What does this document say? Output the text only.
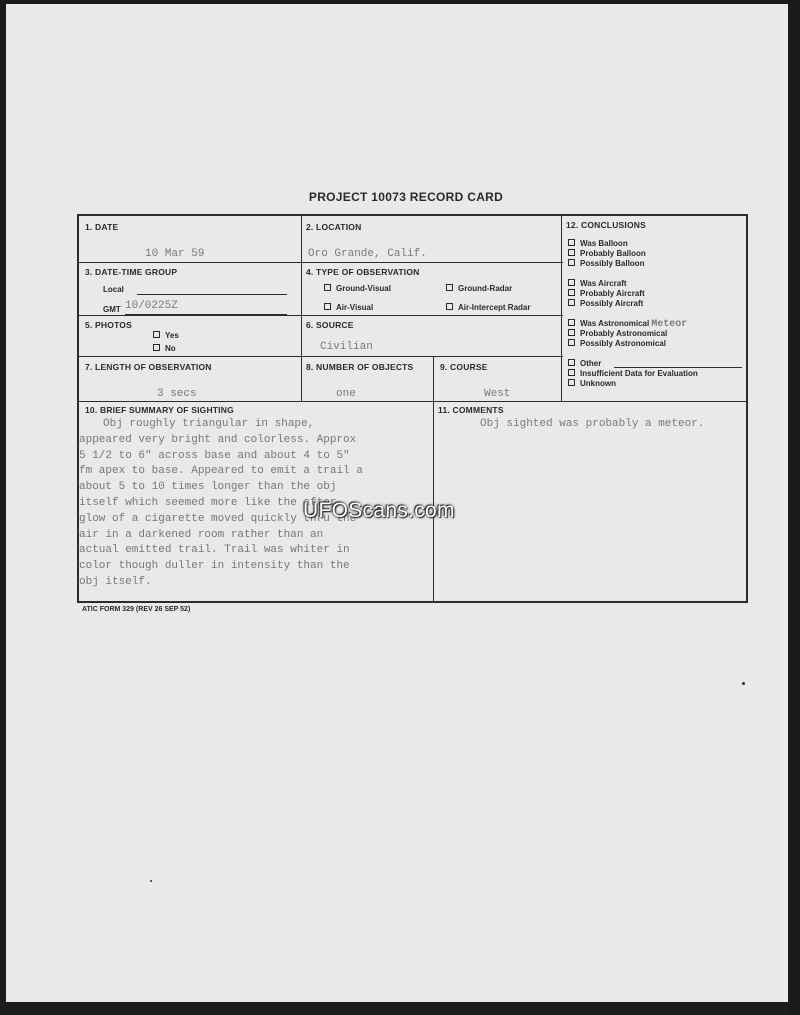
PROJECT 10073 RECORD CARD
1. DATE
10 Mar 59
2. LOCATION
Oro Grande, Calif.
3. DATE-TIME GROUP
Local
GMT 10/0225Z
4. TYPE OF OBSERVATION
Ground-Visual	Ground-Radar
Air-Visual	Air-Intercept Radar
5. PHOTOS
Yes
No
6. SOURCE
Civilian
7. LENGTH OF OBSERVATION
3 secs
8. NUMBER OF OBJECTS
one
9. COURSE
West
12. CONCLUSIONS
Was Balloon
Probably Balloon
Possibly Balloon
Was Aircraft
Probably Aircraft
Possibly Aircraft
Was Astronomical Meteor
Probably Astronomical
Possibly Astronomical
Other
Insufficient Data for Evaluation
Unknown
10. BRIEF SUMMARY OF SIGHTING
Obj roughly triangular in shape,
appeared very bright and colorless. Approx
5 1/2 to 6" across base and about 4 to 5"
fm apex to base. Appeared to emit a trail a
about 5 to 10 times longer than the obj
itself which seemed more like the after-
glow of a cigarette moved quickly thru the
air in a darkened room rather than an
actual emitted trail. Trail was whiter in
color though duller in intensity than the
obj itself.
11. COMMENTS
Obj sighted was probably a meteor.
ATIC FORM 329 (REV 26 SEP 52)
UFOScans.com
